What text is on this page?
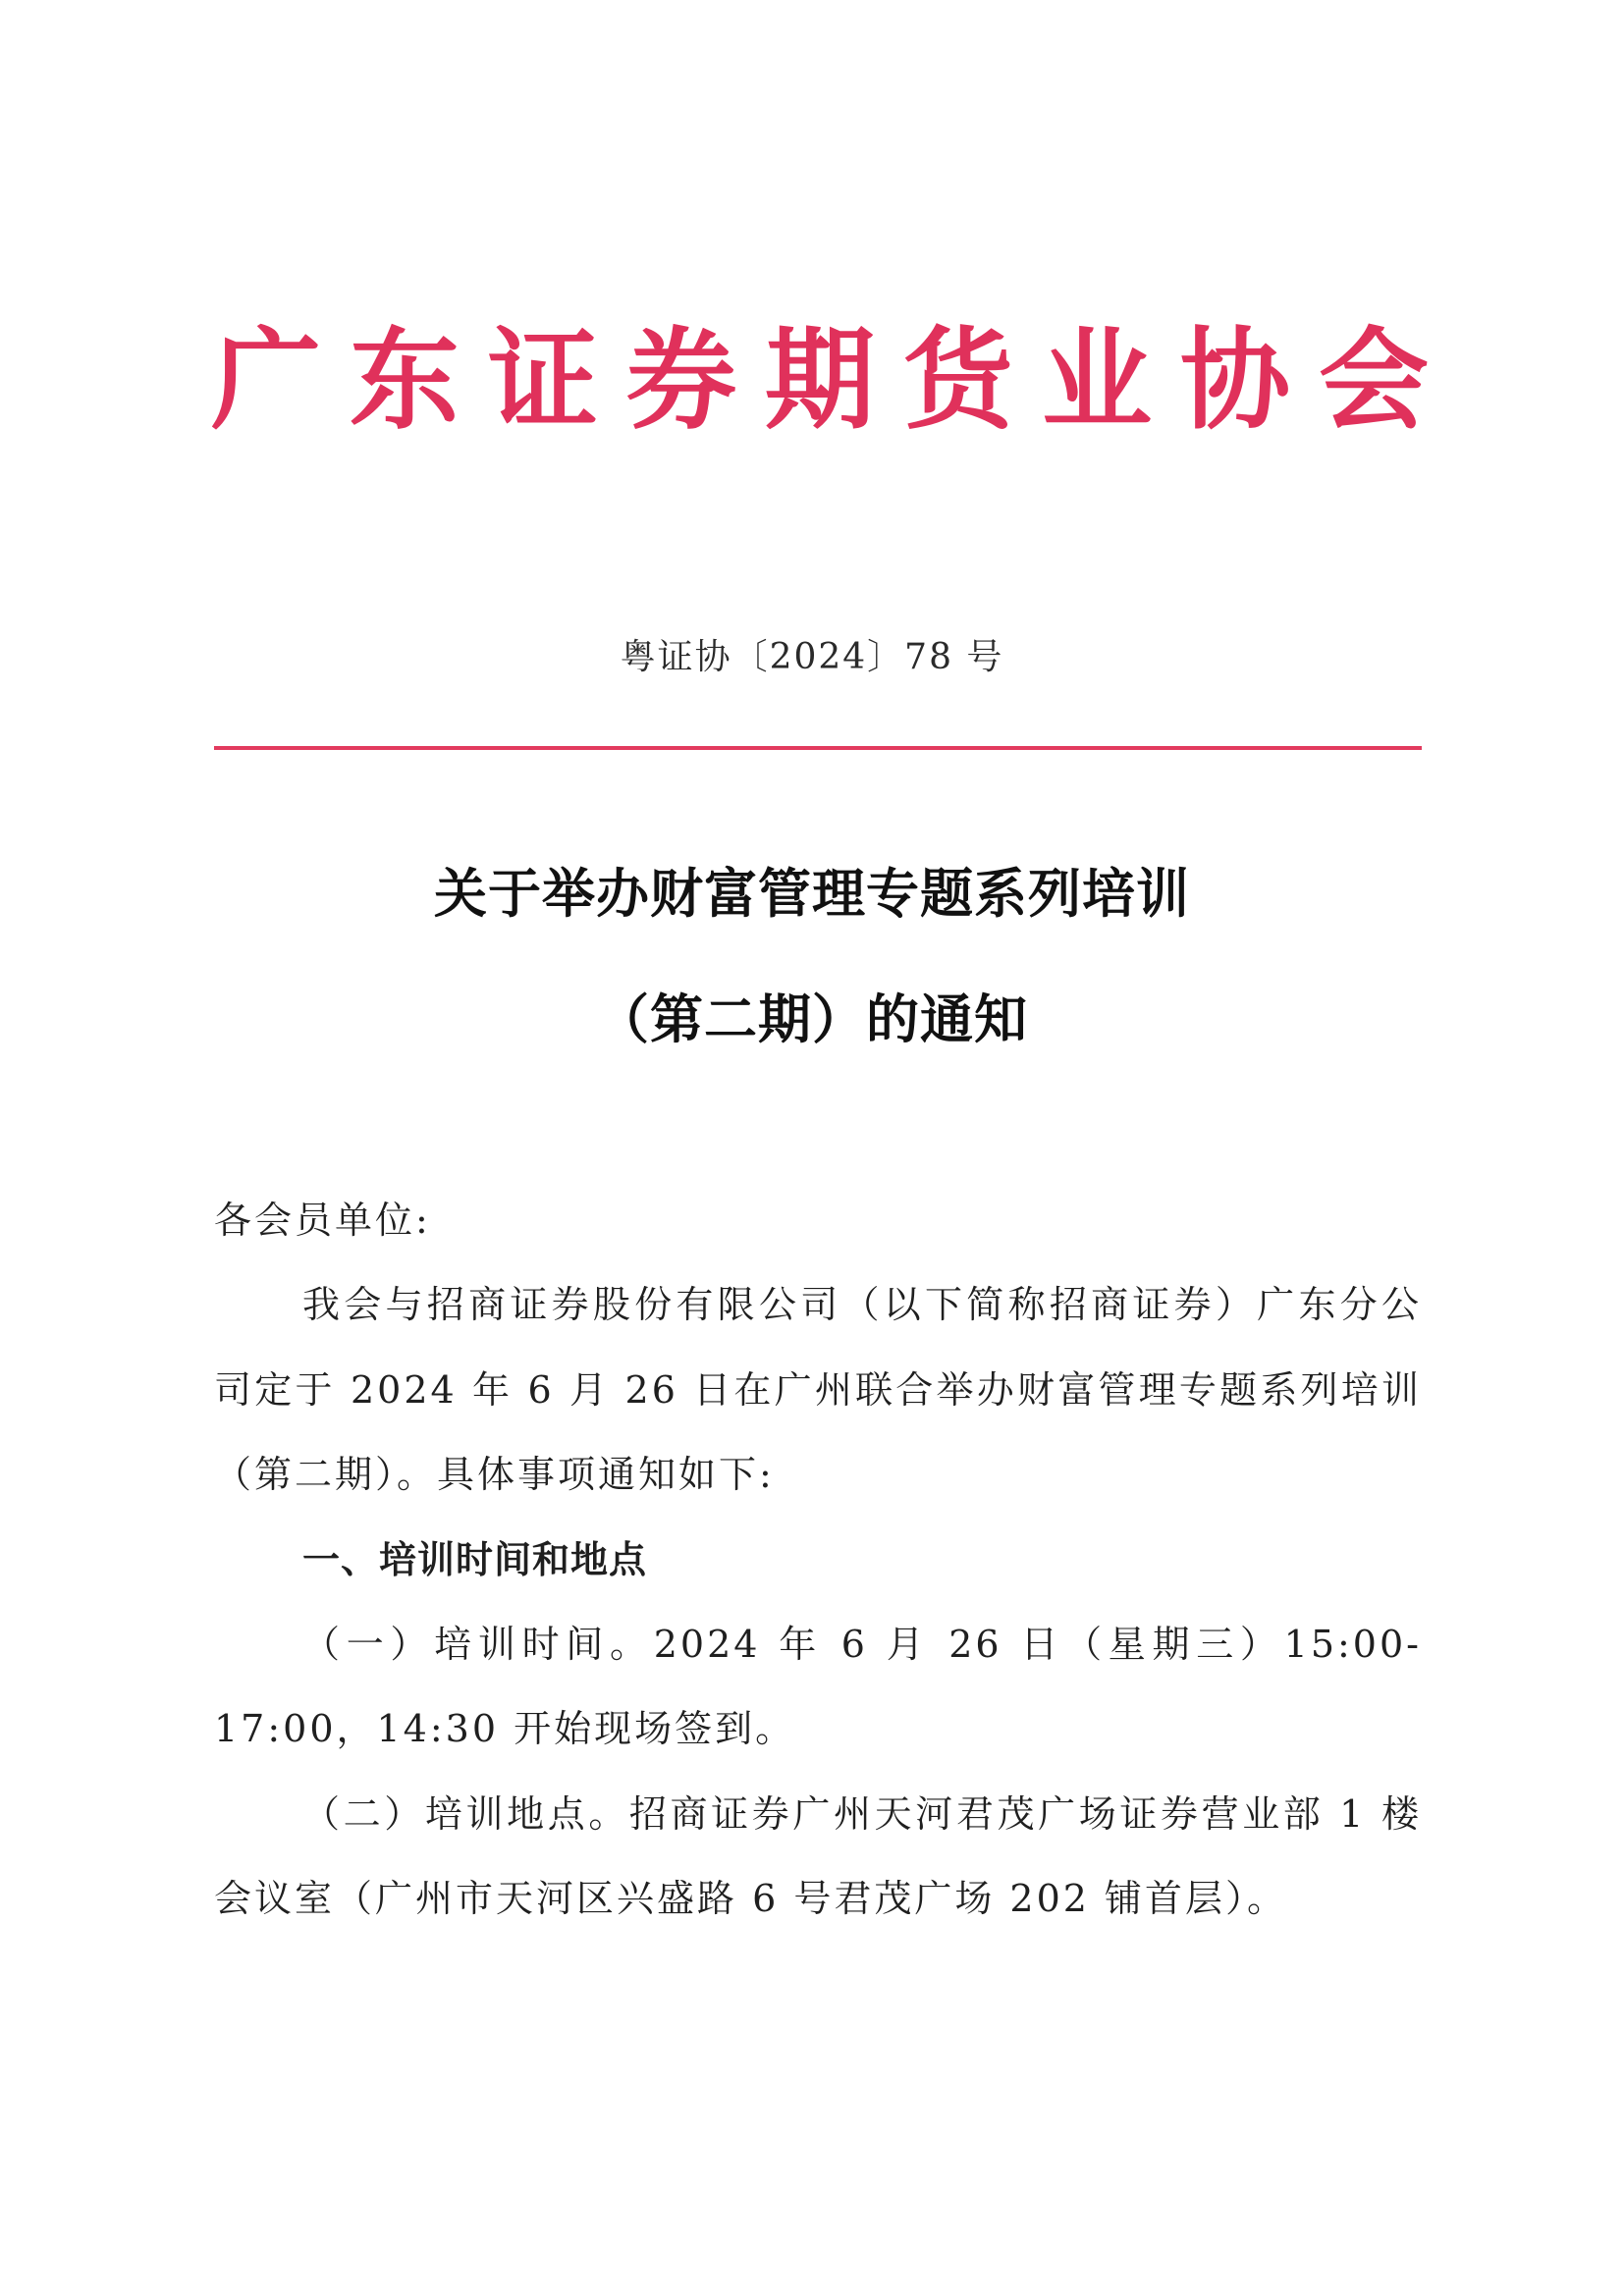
广东证券期货业协会
粤证协〔2024〕78 号
关于举办财富管理专题系列培训
（第二期）的通知

各会员单位:

我会与招商证券股份有限公司（以下简称招商证券）广东分公司定于 2024 年 6 月 26 日在广州联合举办财富管理专题系列培训（第二期）。具体事项通知如下:

一、培训时间和地点

（一）培训时间。2024 年 6 月 26 日（星期三）15:00-17:00，14:30 开始现场签到。

（二）培训地点。招商证券广州天河君茂广场证券营业部 1 楼会议室（广州市天河区兴盛路 6 号君茂广场 202 铺首层）。
